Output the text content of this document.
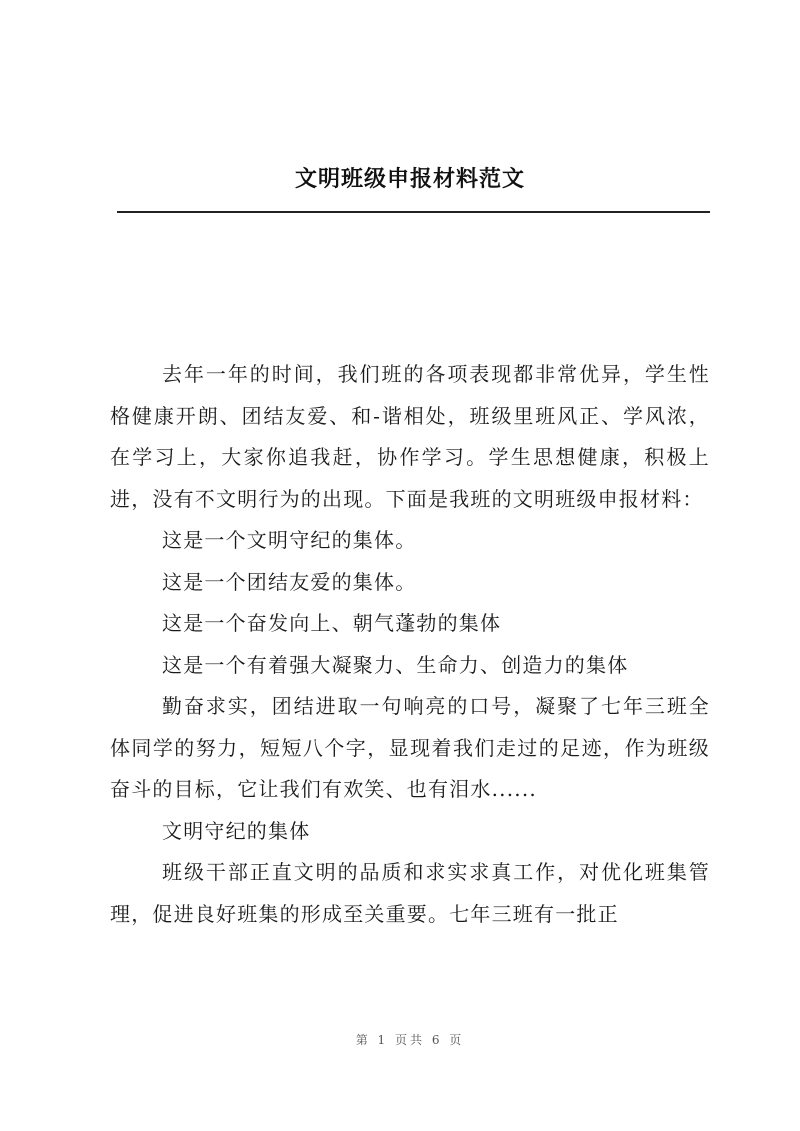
文明班级申报材料范文

去年一年的时间，我们班的各项表现都非常优异，学生性格健康开朗、团结友爱、和-谐相处，班级里班风正、学风浓，在学习上，大家你追我赶，协作学习。学生思想健康，积极上进，没有不文明行为的出现。下面是我班的文明班级申报材料：

这是一个文明守纪的集体。

这是一个团结友爱的集体。

这是一个奋发向上、朝气蓬勃的集体

这是一个有着强大凝聚力、生命力、创造力的集体

勤奋求实，团结进取一句响亮的口号，凝聚了七年三班全体同学的努力，短短八个字，显现着我们走过的足迹，作为班级奋斗的目标，它让我们有欢笑、也有泪水......

文明守纪的集体

班级干部正直文明的品质和求实求真工作，对优化班集管理，促进良好班集的形成至关重要。七年三班有一批正

第 1 页共 6 页
